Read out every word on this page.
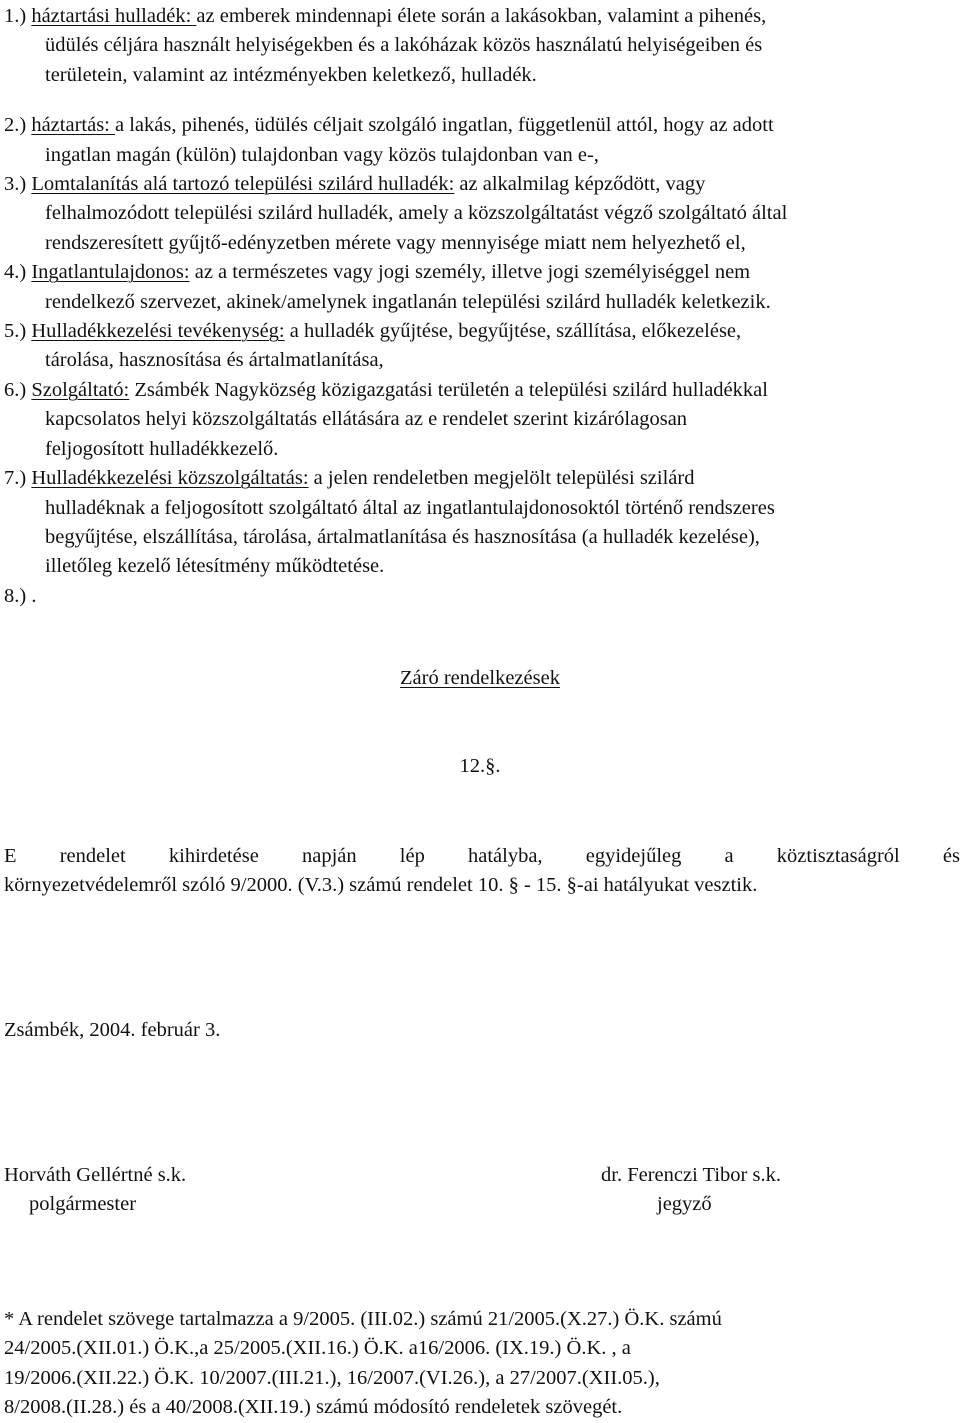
1.) háztartási hulladék: az emberek mindennapi élete során a lakásokban, valamint a pihenés,
üdülés céljára használt helyiségekben és a lakóházak közös használatú helyiségeiben és
területein, valamint az intézményekben keletkező, hulladék.
2.) háztartás: a lakás, pihenés, üdülés céljait szolgáló ingatlan, függetlenül attól, hogy az adott
ingatlan magán (külön) tulajdonban vagy közös tulajdonban van e-,
3.) Lomtalanítás alá tartozó települési szilárd hulladék: az alkalmilag képződött, vagy
felhalmozódott települési szilárd hulladék, amely a közszolgáltatást végző szolgáltató által
rendszeresített gyűjtő-edényzetben mérete vagy mennyisége miatt nem helyezhető el,
4.) Ingatlantulajdonos: az a természetes vagy jogi személy, illetve jogi személyiséggel nem
rendelkező szervezet, akinek/amelynek ingatlanán települési szilárd hulladék keletkezik.
5.) Hulladékkezelési tevékenység: a hulladék gyűjtése, begyűjtése, szállítása, előkezelése,
tárolása, hasznosítása és ártalmatlanítása,
6.) Szolgáltató: Zsámbék Nagyközség közigazgatási területén a települési szilárd hulladékkal
kapcsolatos helyi közszolgáltatás ellátására az e rendelet szerint kizárólagosan
feljogosított hulladékkezelő.
7.) Hulladékkezelési közszolgáltatás: a jelen rendeletben megjelölt települési szilárd
hulladéknak a feljogosított szolgáltató által az ingatlantulajdonosoktól történő rendszeres
begyűjtése, elszállítása, tárolása, ártalmatlanítása és hasznosítása (a hulladék kezelése),
illetőleg kezelő létesítmény működtetése.
8.) .
Záró rendelkezések
12.§.
E rendelet kihirdetése napján lép hatályba, egyidejűleg a köztisztaságról és
környezetvédelemről szóló 9/2000. (V.3.) számú rendelet 10. § - 15. §-ai hatályukat vesztik.
Zsámbék, 2004. február 3.
Horváth Gellértné s.k.
polgármester
dr. Ferenczi Tibor s.k.
jegyző
* A rendelet szövege tartalmazza a 9/2005. (III.02.) számú 21/2005.(X.27.) Ö.K. számú
24/2005.(XII.01.) Ö.K.,a 25/2005.(XII.16.) Ö.K. a16/2006. (IX.19.) Ö.K. , a
19/2006.(XII.22.) Ö.K. 10/2007.(III.21.), 16/2007.(VI.26.), a 27/2007.(XII.05.),
8/2008.(II.28.) és a 40/2008.(XII.19.) számú módosító rendeletek szövegét.
